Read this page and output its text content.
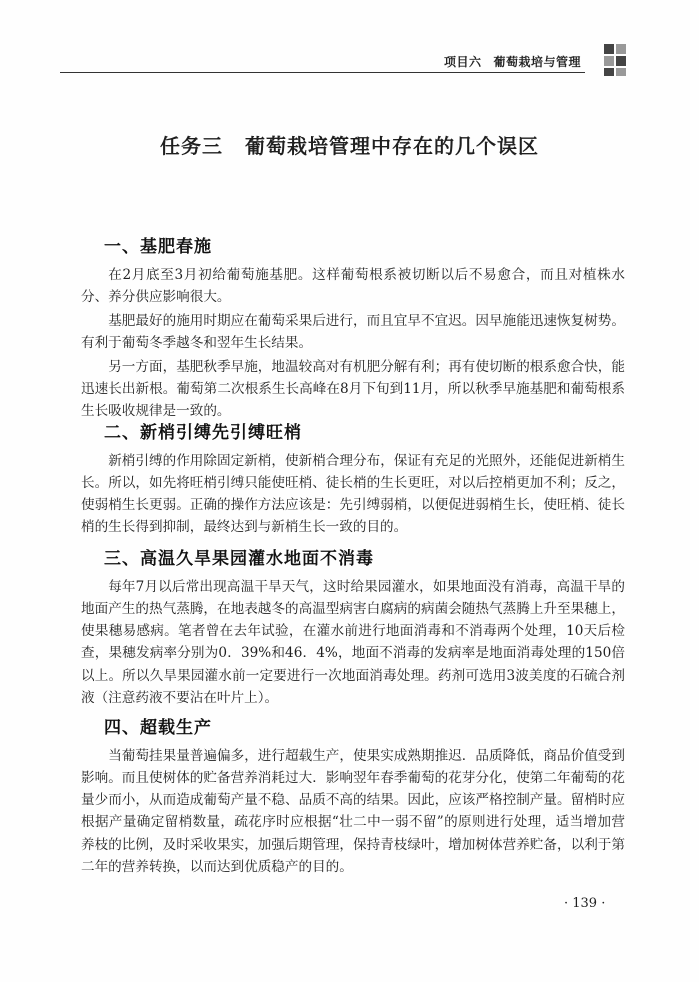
项目六 葡萄栽培与管理
任务三 葡萄栽培管理中存在的几个误区
一、基肥春施

在2月底至3月初给葡萄施基肥。这样葡萄根系被切断以后不易愈合，而且对植株水分、养分供应影响很大。

基肥最好的施用时期应在葡萄采果后进行，而且宜早不宜迟。因早施能迅速恢复树势。有利于葡萄冬季越冬和翌年生长结果。

另一方面，基肥秋季早施，地温较高对有机肥分解有利；再有使切断的根系愈合快，能迅速长出新根。葡萄第二次根系生长高峰在8月下旬到11月，所以秋季早施基肥和葡萄根系生长吸收规律是一致的。

二、新梢引缚先引缚旺梢

新梢引缚的作用除固定新梢，使新梢合理分布，保证有充足的光照外，还能促进新梢生长。所以，如先将旺梢引缚只能使旺梢、徒长梢的生长更旺，对以后控梢更加不利；反之，使弱梢生长更弱。正确的操作方法应该是：先引缚弱梢，以便促进弱梢生长，使旺梢、徒长梢的生长得到抑制，最终达到与新梢生长一致的目的。

三、高温久旱果园灌水地面不消毒

每年7月以后常出现高温干旱天气，这时给果园灌水，如果地面没有消毒，高温干旱的地面产生的热气蒸腾，在地表越冬的高温型病害白腐病的病菌会随热气蒸腾上升至果穗上，使果穗易感病。笔者曾在去年试验，在灌水前进行地面消毒和不消毒两个处理，10天后检查，果穗发病率分别为0．39%和46．4%，地面不消毒的发病率是地面消毒处理的150倍以上。所以久旱果园灌水前一定要进行一次地面消毒处理。药剂可选用3波美度的石硫合剂液（注意药液不要沾在叶片上）。

四、超载生产

当葡萄挂果量普遍偏多，进行超载生产，使果实成熟期推迟．品质降低，商品价值受到影响。而且使树体的贮备营养消耗过大．影响翌年春季葡萄的花芽分化，使第二年葡萄的花量少而小，从而造成葡萄产量不稳、品质不高的结果。因此，应该严格控制产量。留梢时应根据产量确定留梢数量，疏花序时应根据“壮二中一弱不留”的原则进行处理，适当增加营养枝的比例，及时采收果实，加强后期管理，保持青枝绿叶，增加树体营养贮备，以利于第二年的营养转换，以而达到优质稳产的目的。

· 139 ·
